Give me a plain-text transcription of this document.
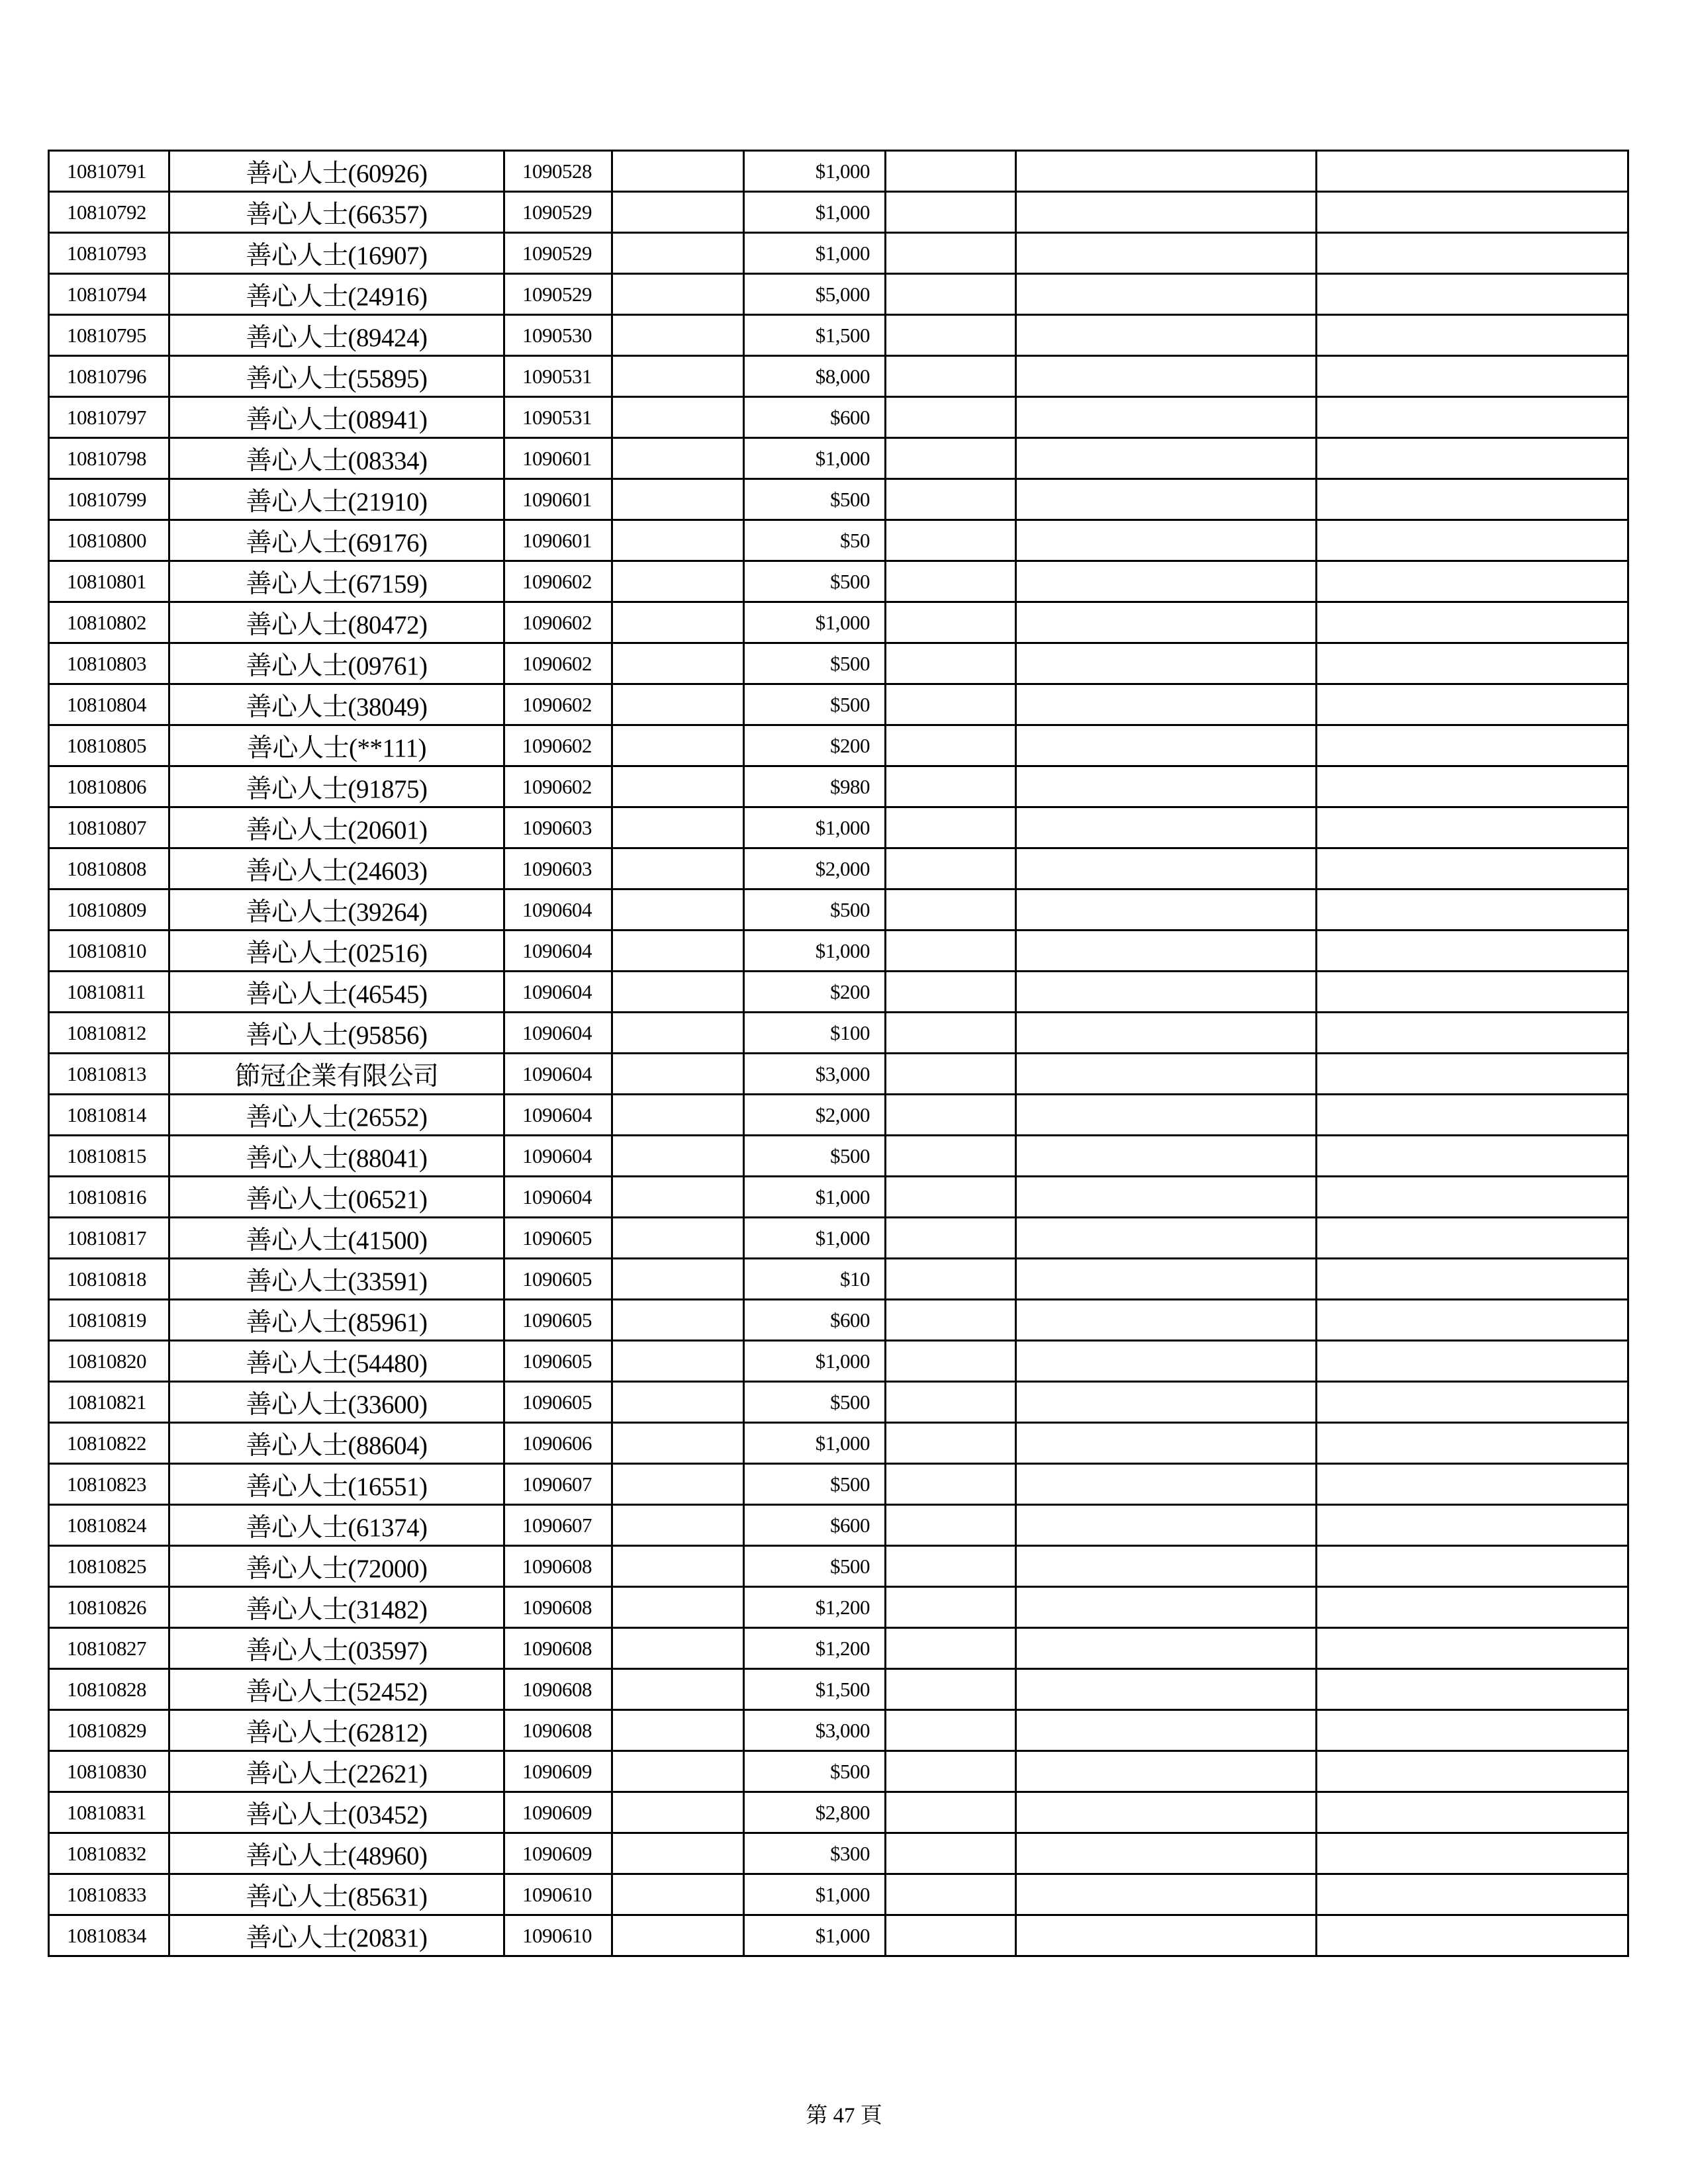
10810791	善心人士(60926)	1090528		$1,000			
10810792	善心人士(66357)	1090529		$1,000			
10810793	善心人士(16907)	1090529		$1,000			
10810794	善心人士(24916)	1090529		$5,000			
10810795	善心人士(89424)	1090530		$1,500			
10810796	善心人士(55895)	1090531		$8,000			
10810797	善心人士(08941)	1090531		$600			
10810798	善心人士(08334)	1090601		$1,000			
10810799	善心人士(21910)	1090601		$500			
10810800	善心人士(69176)	1090601		$50			
10810801	善心人士(67159)	1090602		$500			
10810802	善心人士(80472)	1090602		$1,000			
10810803	善心人士(09761)	1090602		$500			
10810804	善心人士(38049)	1090602		$500			
10810805	善心人士(**111)	1090602		$200			
10810806	善心人士(91875)	1090602		$980			
10810807	善心人士(20601)	1090603		$1,000			
10810808	善心人士(24603)	1090603		$2,000			
10810809	善心人士(39264)	1090604		$500			
10810810	善心人士(02516)	1090604		$1,000			
10810811	善心人士(46545)	1090604		$200			
10810812	善心人士(95856)	1090604		$100			
10810813	節冠企業有限公司	1090604		$3,000			
10810814	善心人士(26552)	1090604		$2,000			
10810815	善心人士(88041)	1090604		$500			
10810816	善心人士(06521)	1090604		$1,000			
10810817	善心人士(41500)	1090605		$1,000			
10810818	善心人士(33591)	1090605		$10			
10810819	善心人士(85961)	1090605		$600			
10810820	善心人士(54480)	1090605		$1,000			
10810821	善心人士(33600)	1090605		$500			
10810822	善心人士(88604)	1090606		$1,000			
10810823	善心人士(16551)	1090607		$500			
10810824	善心人士(61374)	1090607		$600			
10810825	善心人士(72000)	1090608		$500			
10810826	善心人士(31482)	1090608		$1,200			
10810827	善心人士(03597)	1090608		$1,200			
10810828	善心人士(52452)	1090608		$1,500			
10810829	善心人士(62812)	1090608		$3,000			
10810830	善心人士(22621)	1090609		$500			
10810831	善心人士(03452)	1090609		$2,800			
10810832	善心人士(48960)	1090609		$300			
10810833	善心人士(85631)	1090610		$1,000			
10810834	善心人士(20831)	1090610		$1,000			
第 47 頁
